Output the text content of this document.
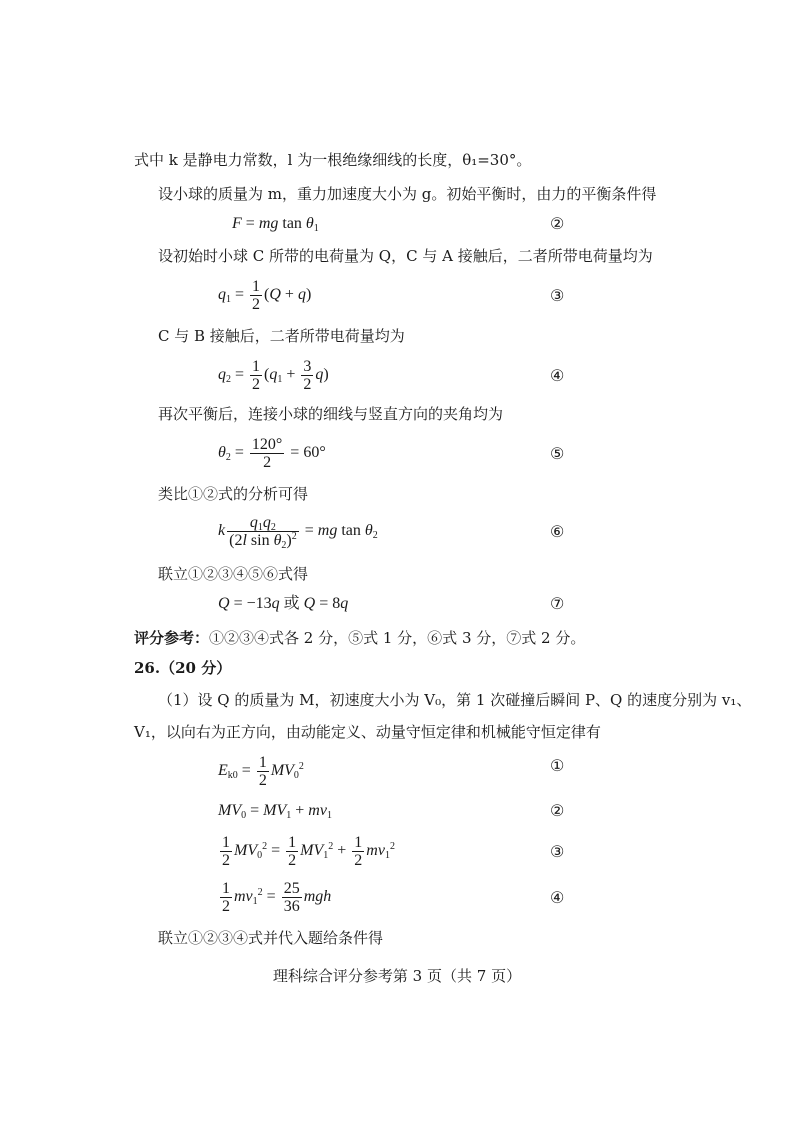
式中 k 是静电力常数，l 为一根绝缘细线的长度，θ₁=30°。
设小球的质量为 m，重力加速度大小为 g。初始平衡时，由力的平衡条件得
F = mg $\tan \theta_1$	②
设初始时小球 C 所带的电荷量为 Q，C 与 A 接触后，二者所带电荷量均为
$q_1 = \frac{1}{2} (Q + q)$	③
C 与 B 接触后，二者所带电荷量均为
$q_2 = \frac{1}{2} (q_1 + \frac{3}{2} q)$	④
再次平衡后，连接小球的细线与竖直方向的夹角均为
$\theta_2 = \frac{120^\circ}{2} = 60^\circ$	⑤
类比①②式的分析可得
k $\frac{q_1q_2}{(2l \sin \theta_2)^2}$ = mg $\tan \theta_2$	⑥
联立①②③④⑤⑥式得
Q = −13q 或 Q = 8q	⑦
评分参考：①②③④式各 2 分，⑤式 1 分，⑥式 3 分，⑦式 2 分。
26.（20 分）
（1）设 Q 的质量为 M，初速度大小为 V₀，第 1 次碰撞后瞬间 P、Q 的速度分别为 v₁、
V₁，以向右为正方向，由动能定义、动量守恒定律和机械能守恒定律有
$E_{k0} = \frac{1}{2} MV_0^2$	①
$MV_0 = MV_1 + mv_1$	②
$\frac{1}{2} MV_0^2 = \frac{1}{2} MV_1^2 + \frac{1}{2} mv_1^2$	③
$\frac{1}{2} mv_1^2 = \frac{25}{36}$ mgh	④
联立①②③④式并代入题给条件得
理科综合评分参考第 3 页（共 7 页）
